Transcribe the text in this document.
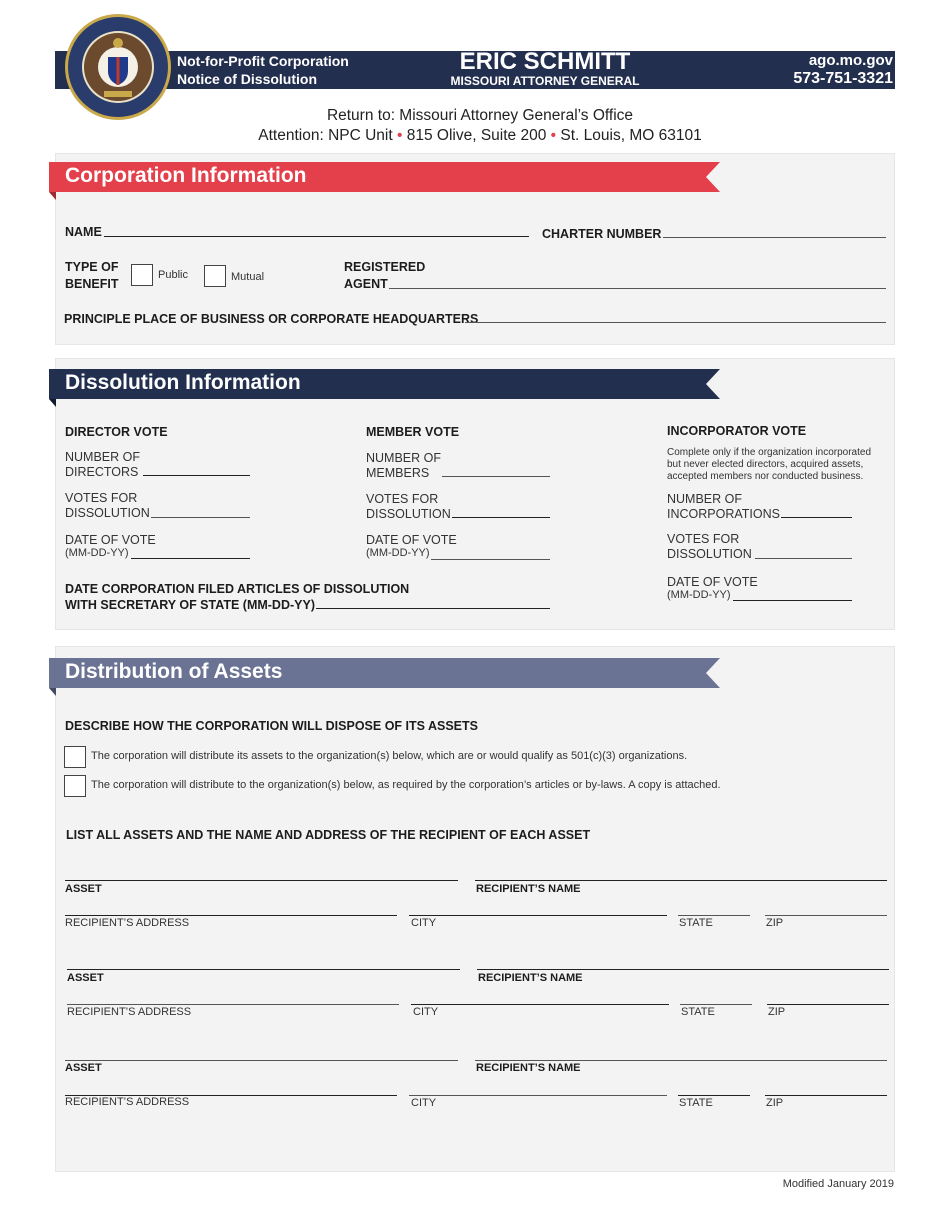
Not-for-Profit Corporation
Notice of Dissolution
ERIC SCHMITT
MISSOURI ATTORNEY GENERAL
ago.mo.gov
573-751-3321
Return to: Missouri Attorney General’s Office
Attention: NPC Unit • 815 Olive, Suite 200 • St. Louis, MO 63101
Corporation Information
NAME	CHARTER NUMBER
TYPE OF
BENEFIT
Public	Mutual
REGISTERED
AGENT
PRINCIPLE PLACE OF BUSINESS OR CORPORATE HEADQUARTERS
Dissolution Information
DIRECTOR VOTE
NUMBER OF
DIRECTORS
VOTES FOR
DISSOLUTION
DATE OF VOTE
(MM-DD-YY)
MEMBER VOTE
NUMBER OF
MEMBERS
VOTES FOR
DISSOLUTION
DATE OF VOTE
(MM-DD-YY)
INCORPORATOR VOTE
Complete only if the organization incorporated
but never elected directors, acquired assets,
accepted members nor conducted business.
NUMBER OF
INCORPORATIONS
VOTES FOR
DISSOLUTION
DATE OF VOTE
(MM-DD-YY)
DATE CORPORATION FILED ARTICLES OF DISSOLUTION
WITH SECRETARY OF STATE (MM-DD-YY)
Distribution of Assets
DESCRIBE HOW THE CORPORATION WILL DISPOSE OF ITS ASSETS
The corporation will distribute its assets to the organization(s) below, which are or would qualify as 501(c)(3) organizations.
The corporation will distribute to the organization(s) below, as required by the corporation’s articles or by-laws. A copy is attached.
LIST ALL ASSETS AND THE NAME AND ADDRESS OF THE RECIPIENT OF EACH ASSET
ASSET	RECIPIENT’S NAME
RECIPIENT’S ADDRESS	CITY	STATE	ZIP
ASSET	RECIPIENT’S NAME
RECIPIENT’S ADDRESS	CITY	STATE	ZIP
ASSET	RECIPIENT’S NAME
RECIPIENT’S ADDRESS	CITY	STATE	ZIP
Modified January 2019
